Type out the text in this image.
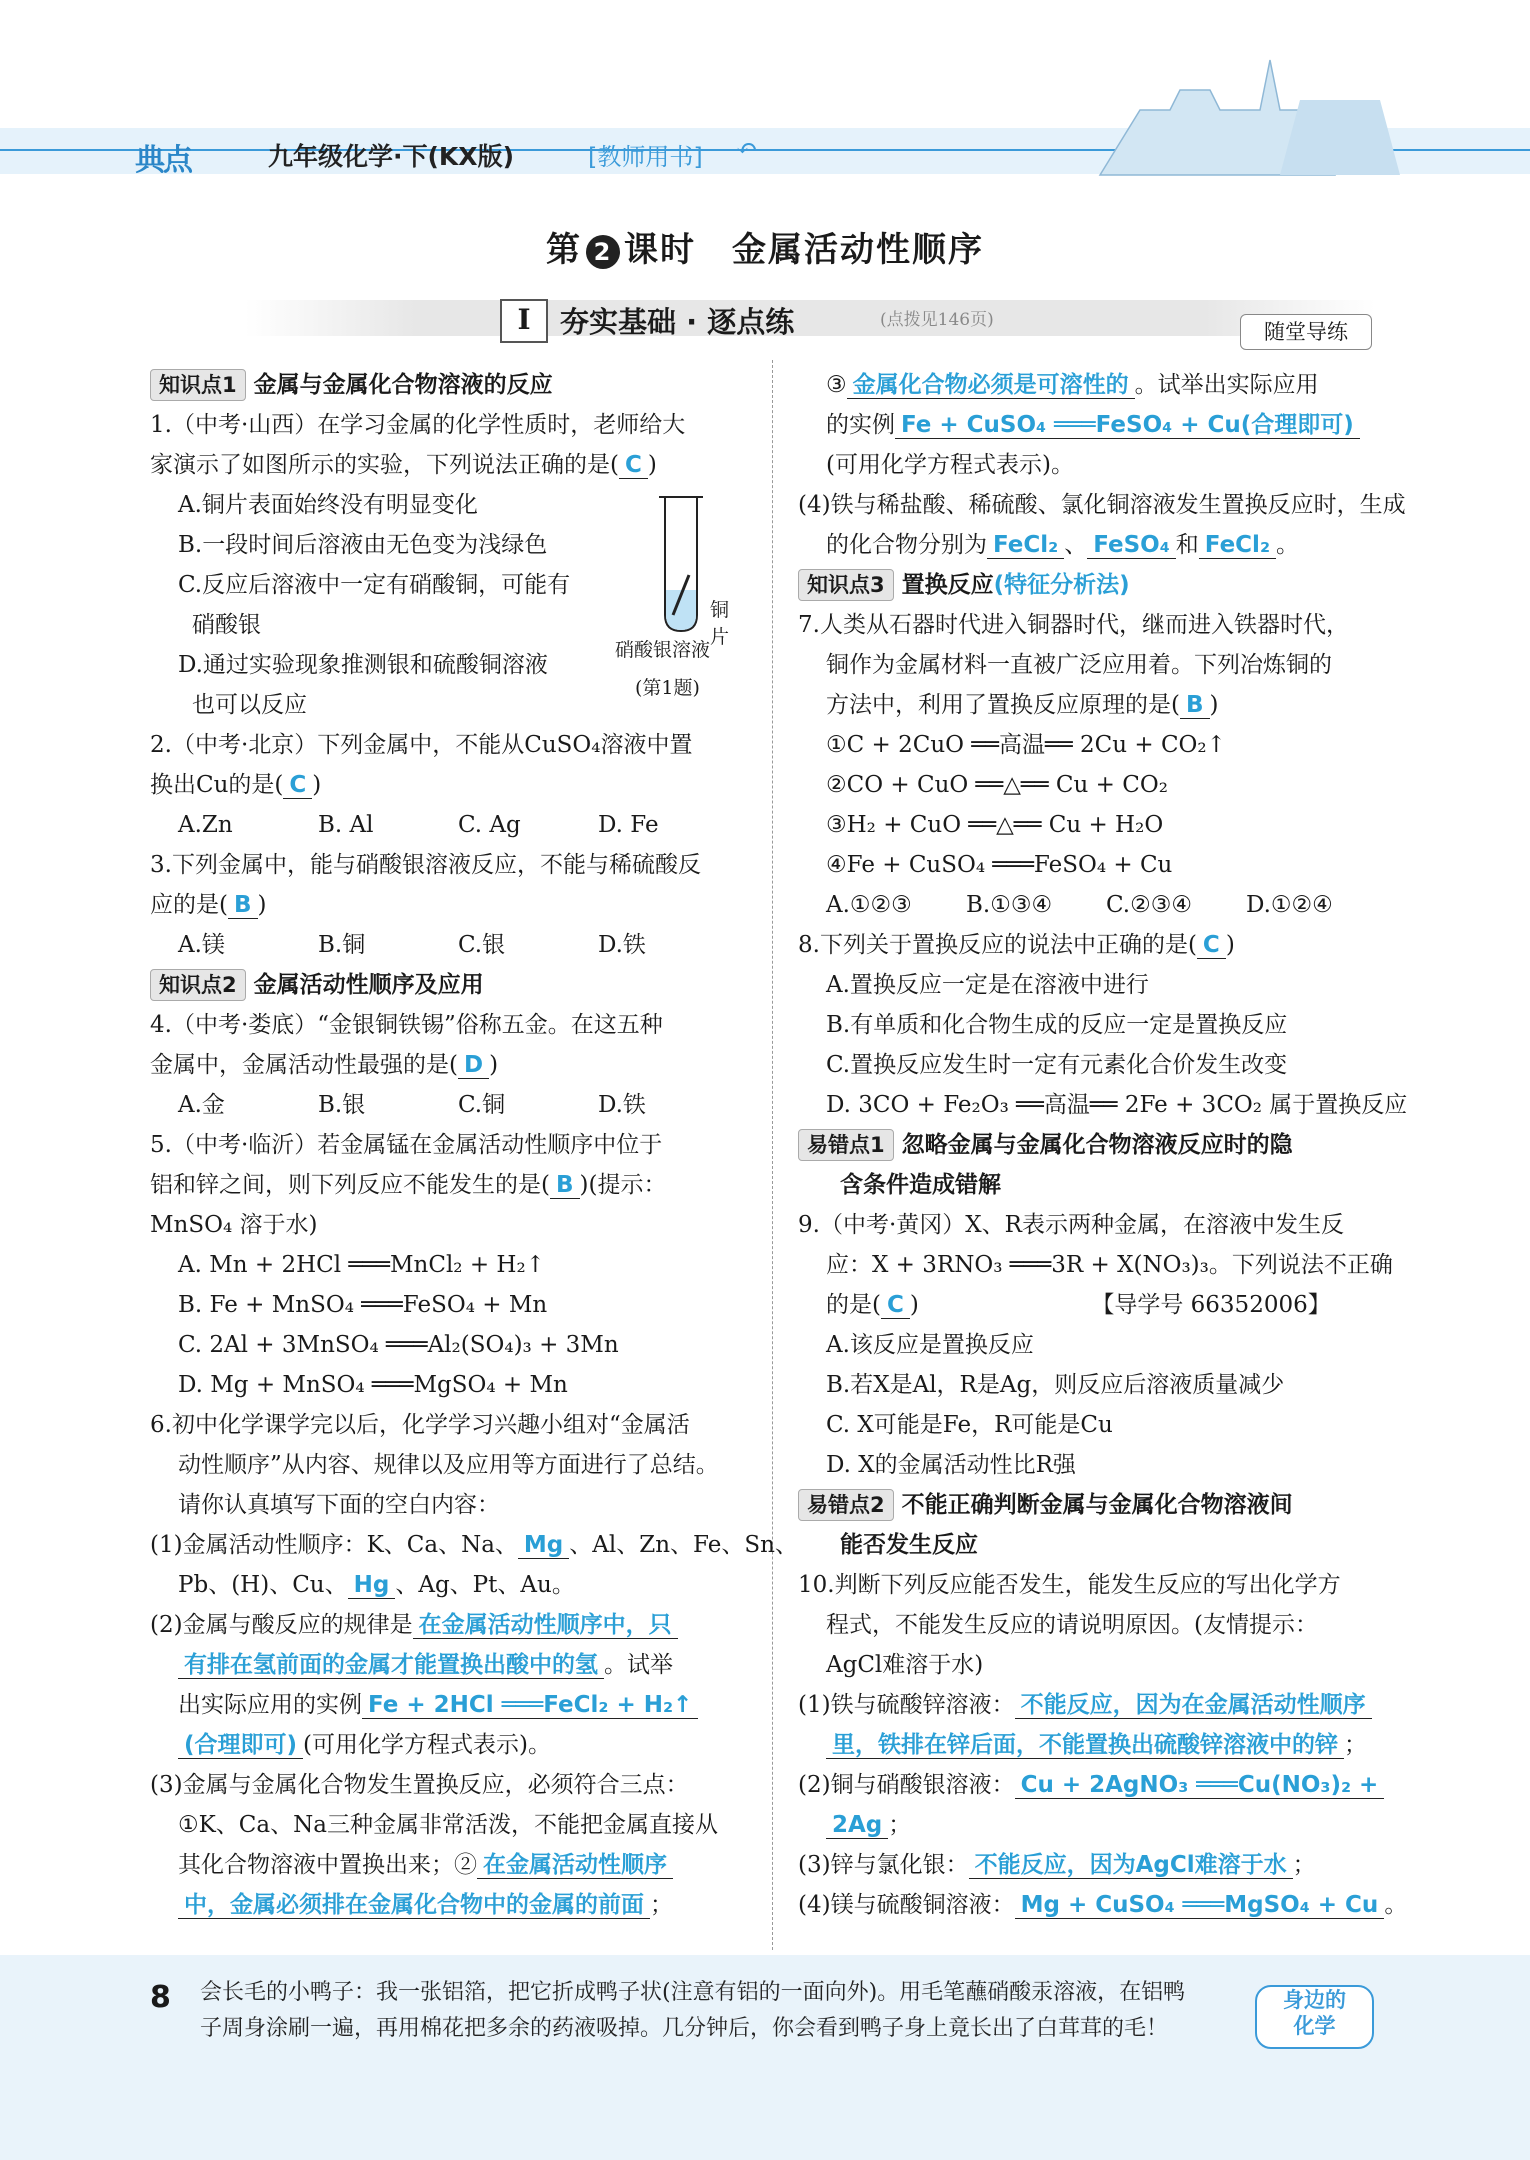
典点	九年级化学·下(KX版)	[教师用书] ↶
第 2 课时　金属活动性顺序
I	夯实基础 · 逐点练	(点拨见146页)	随堂导练
知识点1 金属与金属化合物溶液的反应
1.（中考·山西）在学习金属的化学性质时，老师给大
家演示了如图所示的实验，下列说法正确的是( C )
A.铜片表面始终没有明显变化
B.一段时间后溶液由无色变为浅绿色
C.反应后溶液中一定有硝酸铜，可能有
硝酸银
D.通过实验现象推测银和硫酸铜溶液
也可以反应
2.（中考·北京）下列金属中，不能从CuSO₄溶液中置
换出Cu的是( C )
A.Zn	B. Al	C. Ag	D. Fe
3.下列金属中，能与硝酸银溶液反应，不能与稀硫酸反
应的是( B )
A.镁	B.铜	C.银	D.铁
知识点2 金属活动性顺序及应用
4.（中考·娄底）“金银铜铁锡”俗称五金。在这五种
金属中，金属活动性最强的是( D )
A.金	B.银	C.铜	D.铁
5.（中考·临沂）若金属锰在金属活动性顺序中位于
铝和锌之间，则下列反应不能发生的是( B )(提示：
MnSO₄ 溶于水)
A. Mn + 2HCl ═══MnCl₂ + H₂↑
B. Fe + MnSO₄ ═══FeSO₄ + Mn
C. 2Al + 3MnSO₄ ═══Al₂(SO₄)₃ + 3Mn
D. Mg + MnSO₄ ═══MgSO₄ + Mn
6.初中化学课学完以后，化学学习兴趣小组对“金属活
动性顺序”从内容、规律以及应用等方面进行了总结。
请你认真填写下面的空白内容：
(1)金属活动性顺序：K、Ca、Na、 Mg 、Al、Zn、Fe、Sn、
Pb、(H)、Cu、 Hg 、Ag、Pt、Au。
(2)金属与酸反应的规律是 在金属活动性顺序中，只
有排在氢前面的金属才能置换出酸中的氢 。试举
出实际应用的实例 Fe + 2HCl ═══FeCl₂ + H₂↑
(合理即可) (可用化学方程式表示)。
(3)金属与金属化合物发生置换反应，必须符合三点：
①K、Ca、Na三种金属非常活泼，不能把金属直接从
其化合物溶液中置换出来；② 在金属活动性顺序
中，金属必须排在金属化合物中的金属的前面 ；
③ 金属化合物必须是可溶性的 。试举出实际应用
的实例 Fe + CuSO₄ ═══FeSO₄ + Cu(合理即可)
(可用化学方程式表示)。
(4)铁与稀盐酸、稀硫酸、氯化铜溶液发生置换反应时，生成
的化合物分别为 FeCl₂ 、 FeSO₄ 和 FeCl₂ 。
知识点3 置换反应(特征分析法)
7.人类从石器时代进入铜器时代，继而进入铁器时代，
铜作为金属材料一直被广泛应用着。下列冶炼铜的
方法中，利用了置换反应原理的是( B )
①C + 2CuO ══高温══ 2Cu + CO₂↑
②CO + CuO ══△══ Cu + CO₂
③H₂ + CuO ══△══ Cu + H₂O
④Fe + CuSO₄ ═══FeSO₄ + Cu
A.①②③ B.①③④ C.②③④ D.①②④
8.下列关于置换反应的说法中正确的是( C )
A.置换反应一定是在溶液中进行
B.有单质和化合物生成的反应一定是置换反应
C.置换反应发生时一定有元素化合价发生改变
D. 3CO + Fe₂O₃ ══高温══ 2Fe + 3CO₂ 属于置换反应
易错点1 忽略金属与金属化合物溶液反应时的隐
含条件造成错解
9.（中考·黄冈）X、R表示两种金属，在溶液中发生反
应：X + 3RNO₃ ═══3R + X(NO₃)₃。下列说法不正确
的是( C )　　　　　　　　【导学号 66352006】
A.该反应是置换反应
B.若X是Al，R是Ag，则反应后溶液质量减少
C. X可能是Fe，R可能是Cu
D. X的金属活动性比R强
易错点2 不能正确判断金属与金属化合物溶液间
能否发生反应
10.判断下列反应能否发生，能发生反应的写出化学方
程式，不能发生反应的请说明原因。(友情提示：
AgCl难溶于水)
(1)铁与硫酸锌溶液： 不能反应，因为在金属活动性顺序
里，铁排在锌后面，不能置换出硫酸锌溶液中的锌 ；
(2)铜与硝酸银溶液： Cu + 2AgNO₃ ═══Cu(NO₃)₂ +
2Ag ；
(3)锌与氯化银： 不能反应，因为AgCl难溶于水 ；
(4)镁与硫酸铜溶液： Mg + CuSO₄ ═══MgSO₄ + Cu 。
铜片
硝酸银溶液
(第1题)
8 会长毛的小鸭子：我一张铝箔，把它折成鸭子状(注意有铝的一面向外)。用毛笔蘸硝酸汞溶液，在铝鸭
子周身涂刷一遍，再用棉花把多余的药液吸掉。几分钟后，你会看到鸭子身上竟长出了白茸茸的毛！
身边的
化学
